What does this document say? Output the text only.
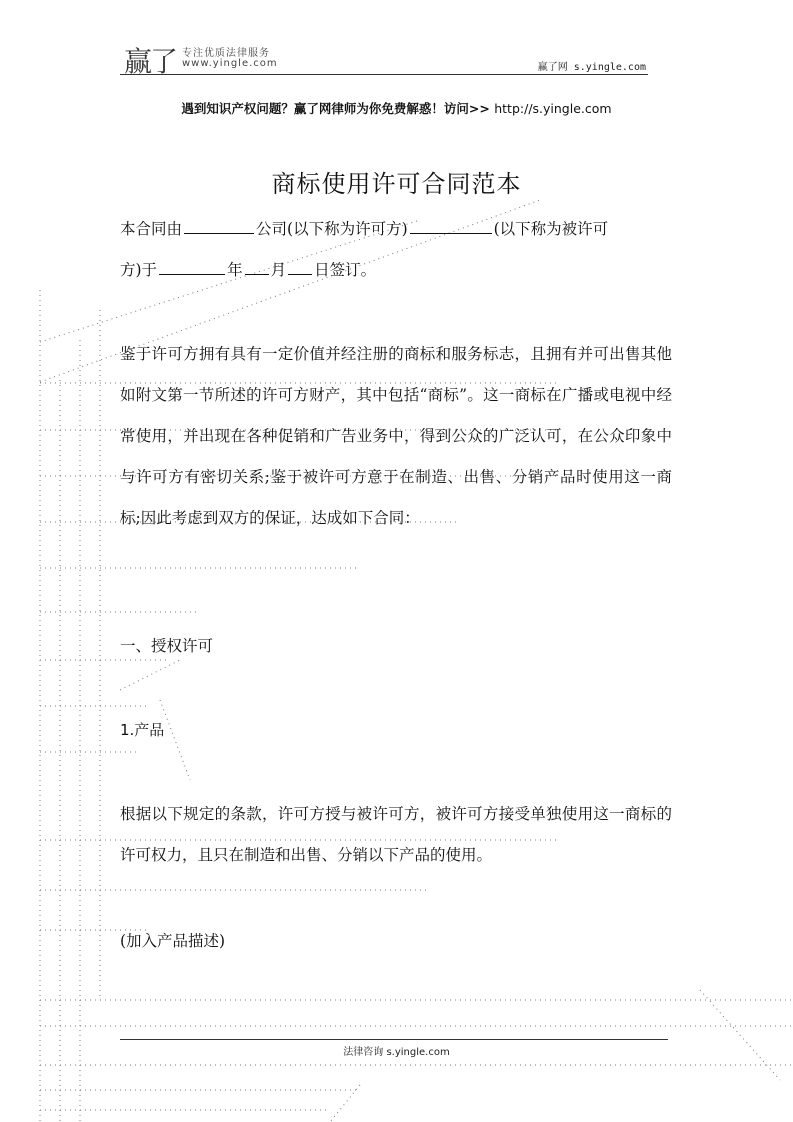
赢了 专注优质法律服务
www.yingle.com	赢了网 s.yingle.com
遇到知识产权问题？赢了网律师为你免费解惑！访问>> http://s.yingle.com
商标使用许可合同范本
本合同由	公司(以下称为许可方)	(以下称为被许可
方)于	年 月 日签订。
鉴于许可方拥有具有一定价值并经注册的商标和服务标志，且拥有并可出售其他如附文第一节所述的许可方财产，其中包括“商标”。这一商标在广播或电视中经常使用，并出现在各种促销和广告业务中，得到公众的广泛认可，在公众印象中与许可方有密切关系;鉴于被许可方意于在制造、出售、分销产品时使用这一商标;因此考虑到双方的保证，达成如下合同：
一、授权许可
1.产品
根据以下规定的条款，许可方授与被许可方，被许可方接受单独使用这一商标的许可权力，且只在制造和出售、分销以下产品的使用。
(加入产品描述)
法律咨询 s.yingle.com
